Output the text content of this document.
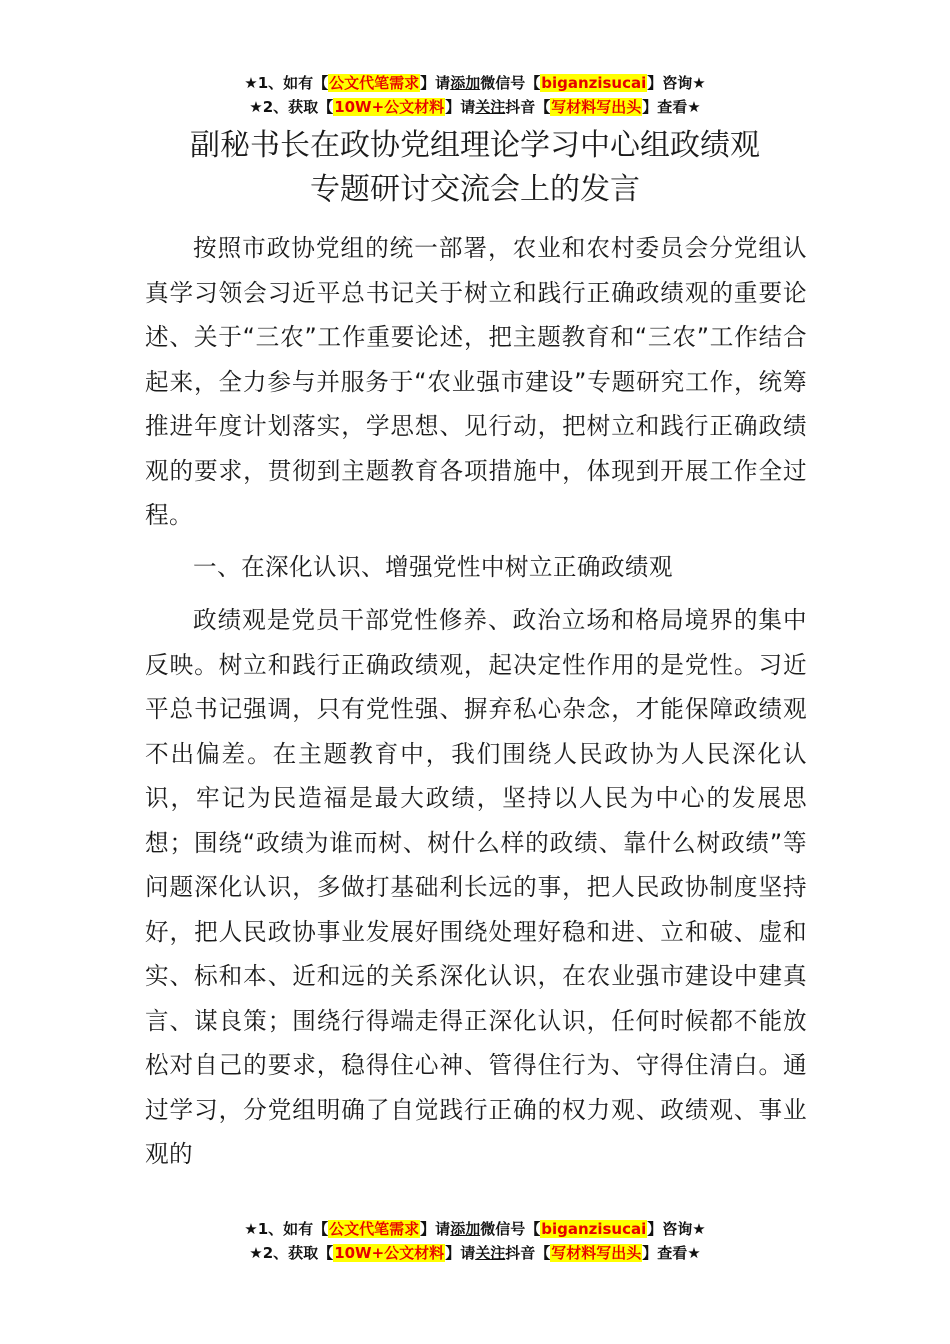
★1、如有【公文代笔需求】请添加微信号【biganzisucai】咨询★
★2、获取【10W+公文材料】请关注抖音【写材料写出头】查看★
副秘书长在政协党组理论学习中心组政绩观
专题研讨交流会上的发言

按照市政协党组的统一部署，农业和农村委员会分党组认真学习领会习近平总书记关于树立和践行正确政绩观的重要论述、关于“三农”工作重要论述，把主题教育和“三农”工作结合起来，全力参与并服务于“农业强市建设”专题研究工作，统筹推进年度计划落实，学思想、见行动，把树立和践行正确政绩观的要求，贯彻到主题教育各项措施中，体现到开展工作全过程。

一、在深化认识、增强党性中树立正确政绩观

政绩观是党员干部党性修养、政治立场和格局境界的集中反映。树立和践行正确政绩观，起决定性作用的是党性。习近平总书记强调，只有党性强、摒弃私心杂念，才能保障政绩观不出偏差。在主题教育中，我们围绕人民政协为人民深化认识，牢记为民造福是最大政绩，坚持以人民为中心的发展思想；围绕“政绩为谁而树、树什么样的政绩、靠什么树政绩”等问题深化认识，多做打基础利长远的事，把人民政协制度坚持好，把人民政协事业发展好围绕处理好稳和进、立和破、虚和实、标和本、近和远的关系深化认识，在农业强市建设中建真言、谋良策；围绕行得端走得正深化认识，任何时候都不能放松对自己的要求，稳得住心神、管得住行为、守得住清白。通过学习，分党组明确了自觉践行正确的权力观、政绩观、事业观的

★1、如有【公文代笔需求】请添加微信号【biganzisucai】咨询★
★2、获取【10W+公文材料】请关注抖音【写材料写出头】查看★
